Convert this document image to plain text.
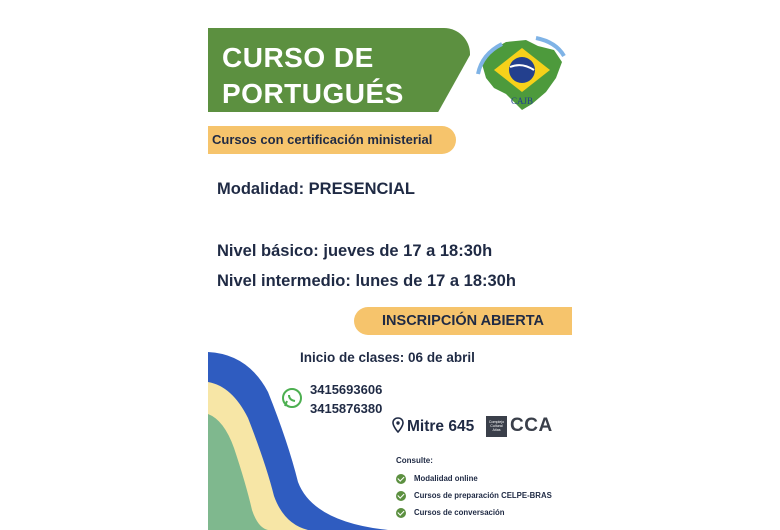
CURSO DE
PORTUGUÉS	CAJB
Cursos con certificación ministerial
Modalidad: PRESENCIAL
Nivel básico: jueves de 17 a 18:30h
Nivel intermedio: lunes de 17 a 18:30h
INSCRIPCIÓN ABIERTA
Inicio de clases: 06 de abril
3415693606
3415876380
Mitre 645	Complejo
Cultural
Atlas CCA
Consulte:
Modalidad online
Cursos de preparación CELPE-BRAS
Cursos de conversación
